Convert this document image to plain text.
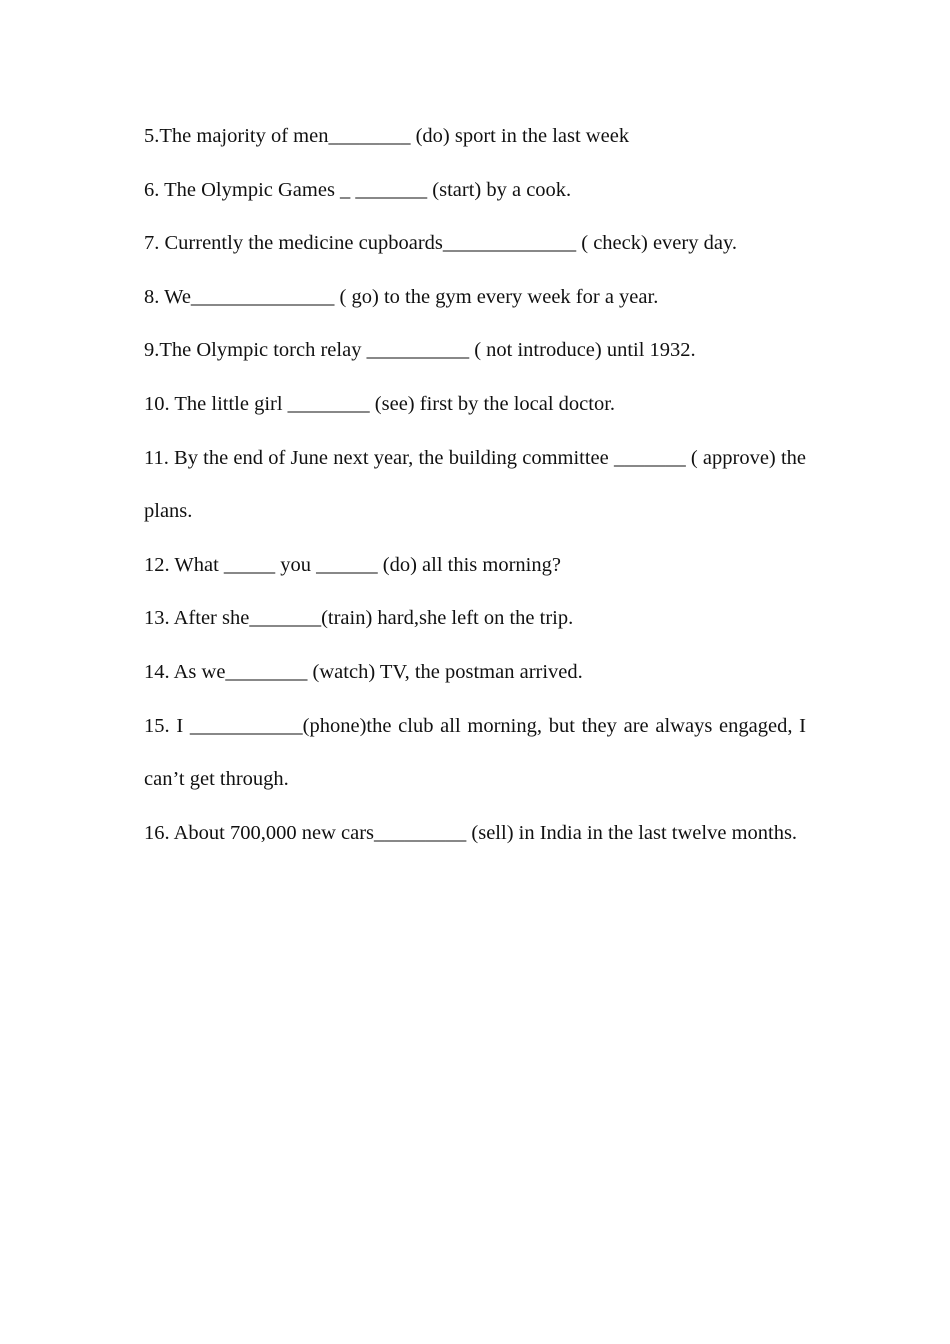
5.The majority of men________ (do) sport in the last week

6. The Olympic Games _ _______ (start) by a cook.

7. Currently the medicine cupboards_____________ ( check) every day.

8. We______________ ( go) to the gym every week for a year.

9.The Olympic torch relay __________ ( not introduce) until 1932.

10. The little girl ________ (see) first by the local doctor.

11. By the end of June next year, the building committee _______ ( approve) the plans.

12. What _____ you ______ (do) all this morning?

13. After she_______(train) hard,she left on the trip.

14. As we________ (watch) TV, the postman arrived.

15. I ___________(phone)the club all morning, but they are always engaged, I can’t get through.

16. About 700,000 new cars_________ (sell) in India in the last twelve months.
